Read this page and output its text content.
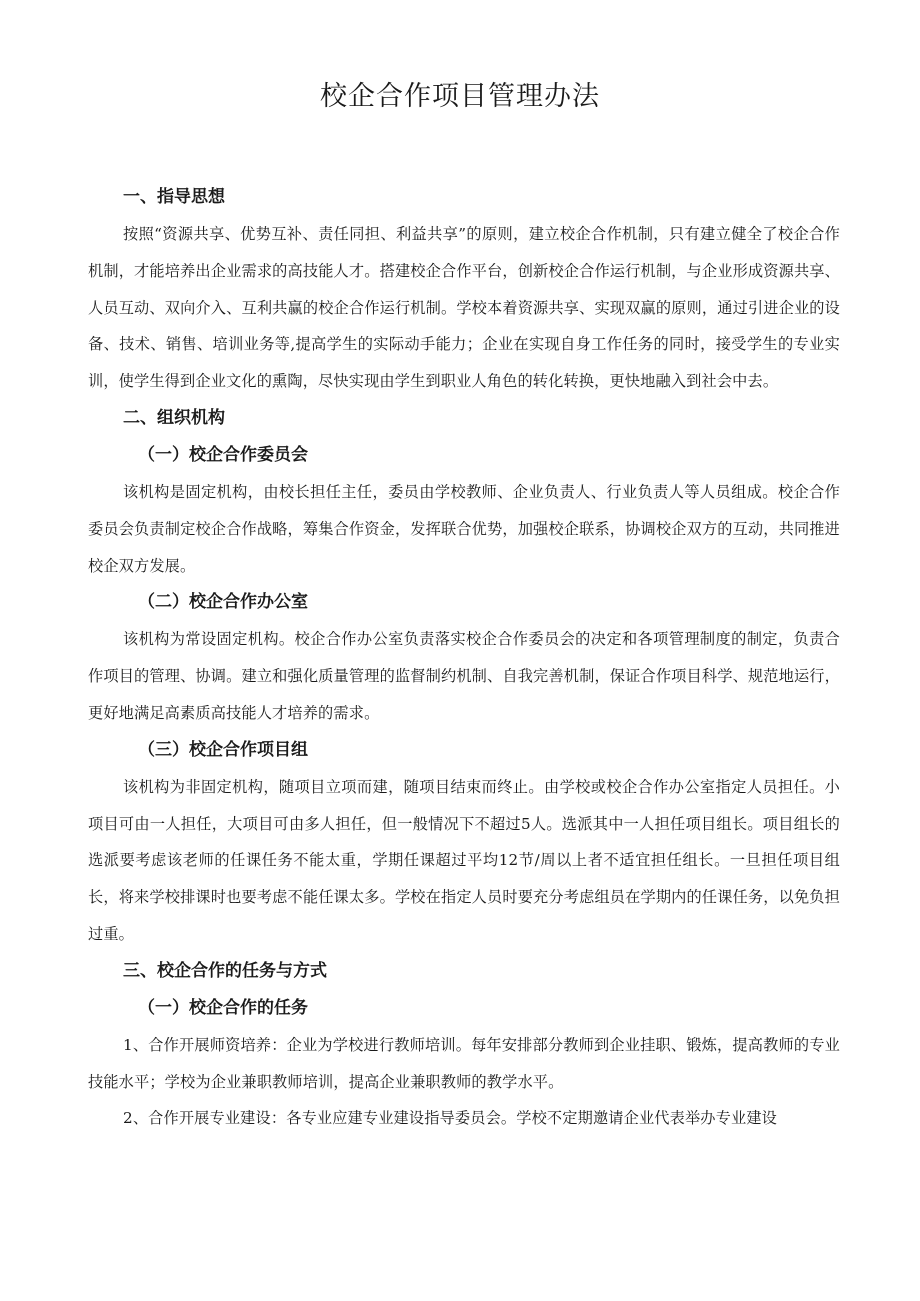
校企合作项目管理办法
一、指导思想

按照“资源共享、优势互补、责任同担、利益共享”的原则，建立校企合作机制，只有建立健全了校企合作机制，才能培养出企业需求的高技能人才。搭建校企合作平台，创新校企合作运行机制，与企业形成资源共享、人员互动、双向介入、互利共赢的校企合作运行机制。学校本着资源共享、实现双赢的原则，通过引进企业的设备、技术、销售、培训业务等,提高学生的实际动手能力；企业在实现自身工作任务的同时，接受学生的专业实训，使学生得到企业文化的熏陶，尽快实现由学生到职业人角色的转化转换，更快地融入到社会中去。

二、组织机构
（一）校企合作委员会

该机构是固定机构，由校长担任主任，委员由学校教师、企业负责人、行业负责人等人员组成。校企合作委员会负责制定校企合作战略，筹集合作资金，发挥联合优势，加强校企联系，协调校企双方的互动，共同推进校企双方发展。

（二）校企合作办公室

该机构为常设固定机构。校企合作办公室负责落实校企合作委员会的决定和各项管理制度的制定，负责合作项目的管理、协调。建立和强化质量管理的监督制约机制、自我完善机制，保证合作项目科学、规范地运行，更好地满足高素质高技能人才培养的需求。

（三）校企合作项目组

该机构为非固定机构，随项目立项而建，随项目结束而终止。由学校或校企合作办公室指定人员担任。小项目可由一人担任，大项目可由多人担任，但一般情况下不超过5人。选派其中一人担任项目组长。项目组长的选派要考虑该老师的任课任务不能太重，学期任课超过平均12节/周以上者不适宜担任组长。一旦担任项目组长，将来学校排课时也要考虑不能任课太多。学校在指定人员时要充分考虑组员在学期内的任课任务，以免负担过重。

三、校企合作的任务与方式
（一）校企合作的任务

1、合作开展师资培养：企业为学校进行教师培训。每年安排部分教师到企业挂职、锻炼，提高教师的专业技能水平；学校为企业兼职教师培训，提高企业兼职教师的教学水平。

2、合作开展专业建设：各专业应建专业建设指导委员会。学校不定期邀请企业代表举办专业建设
